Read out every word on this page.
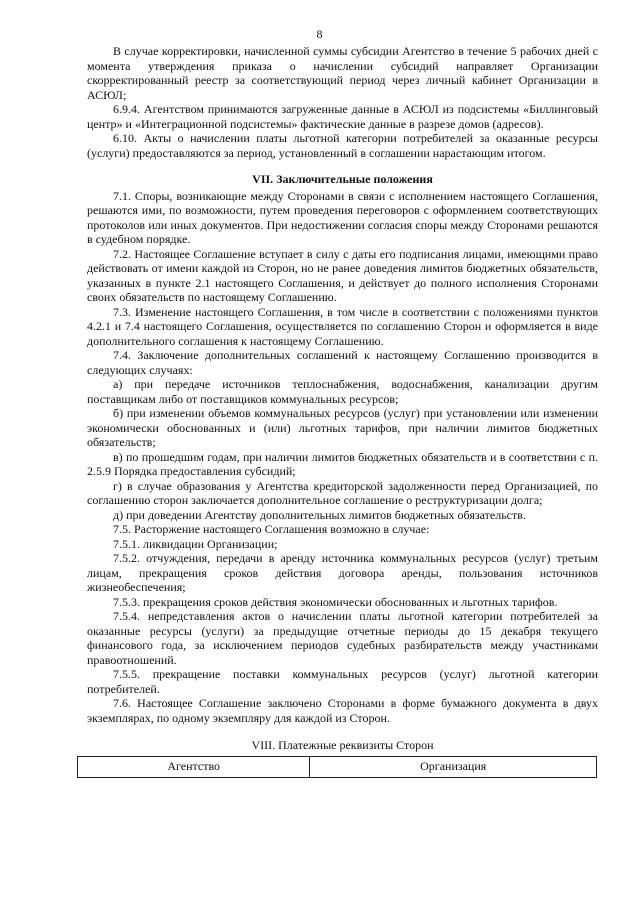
8

В случае корректировки, начисленной суммы субсидии Агентство в течение 5 рабочих дней с момента утверждения приказа о начислении субсидий направляет Организации скорректированный реестр за соответствующий период через личный кабинет Организации в АСЮЛ;

6.9.4. Агентством принимаются загруженные данные в АСЮЛ из подсистемы «Биллинговый центр» и «Интеграционной подсистемы» фактические данные в разрезе домов (адресов).

6.10. Акты о начислении платы льготной категории потребителей за оказанные ресурсы (услуги) предоставляются за период, установленный в соглашении нарастающим итогом.

VII. Заключительные положения

7.1. Споры, возникающие между Сторонами в связи с исполнением настоящего Соглашения, решаются ими, по возможности, путем проведения переговоров с оформлением соответствующих протоколов или иных документов. При недостижении согласия споры между Сторонами решаются в судебном порядке.

7.2. Настоящее Соглашение вступает в силу с даты его подписания лицами, имеющими право действовать от имени каждой из Сторон, но не ранее доведения лимитов бюджетных обязательств, указанных в пункте 2.1 настоящего Соглашения, и действует до полного исполнения Сторонами своих обязательств по настоящему Соглашению.

7.3. Изменение настоящего Соглашения, в том числе в соответствии с положениями пунктов 4.2.1 и 7.4 настоящего Соглашения, осуществляется по соглашению Сторон и оформляется в виде дополнительного соглашения к настоящему Соглашению.

7.4. Заключение дополнительных соглашений к настоящему Соглашению производится в следующих случаях:

а) при передаче источников теплоснабжения, водоснабжения, канализации другим поставщикам либо от поставщиков коммунальных ресурсов;

б) при изменении объемов коммунальных ресурсов (услуг) при установлении или изменении экономически обоснованных и (или) льготных тарифов, при наличии лимитов бюджетных обязательств;

в) по прошедшим годам, при наличии лимитов бюджетных обязательств и в соответствии с п. 2.5.9 Порядка предоставления субсидий;

г) в случае образования у Агентства кредиторской задолженности перед Организацией, по соглашению сторон заключается дополнительное соглашение о реструктуризации долга;

д) при доведении Агентству дополнительных лимитов бюджетных обязательств.

7.5. Расторжение настоящего Соглашения возможно в случае:

7.5.1. ликвидации Организации;

7.5.2. отчуждения, передачи в аренду источника коммунальных ресурсов (услуг) третьим лицам, прекращения сроков действия договора аренды, пользования источников жизнеобеспечения;

7.5.3. прекращения сроков действия экономически обоснованных и льготных тарифов.

7.5.4. непредставления актов о начислении платы льготной категории потребителей за оказанные ресурсы (услуги) за предыдущие отчетные периоды до 15 декабря текущего финансового года, за исключением периодов судебных разбирательств между участниками правоотношений.

7.5.5. прекращение поставки коммунальных ресурсов (услуг) льготной категории потребителей.

7.6. Настоящее Соглашение заключено Сторонами в форме бумажного документа в двух экземплярах, по одному экземпляру для каждой из Сторон.

VIII. Платежные реквизиты Сторон
Агентство	Организация
